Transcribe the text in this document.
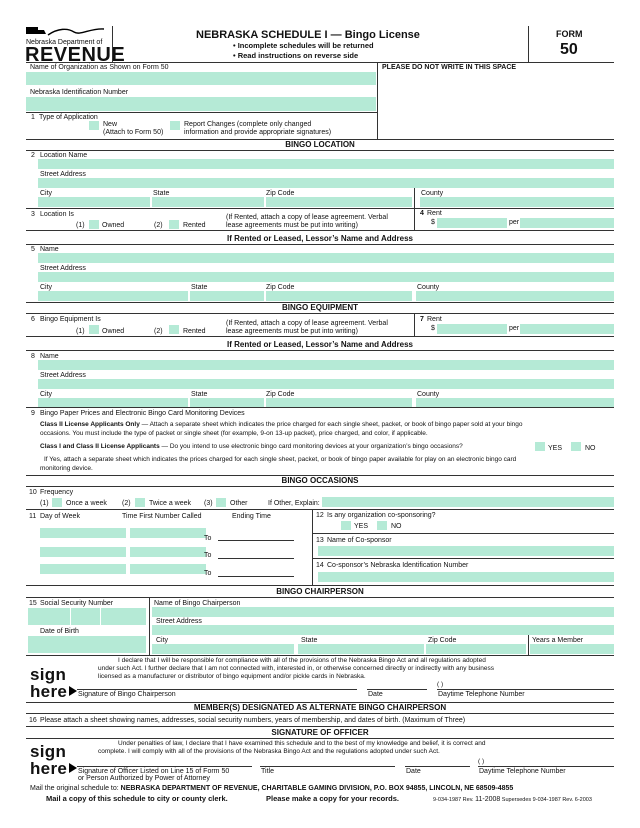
Nebraska Department of
REVENUE
NEBRASKA SCHEDULE I — Bingo License
• Incomplete schedules will be returned
• Read instructions on reverse side
FORM
50
Name of Organization as Shown on Form 50
Nebraska Identification Number
PLEASE DO NOT WRITE IN THIS SPACE
1 Type of Application
New
(Attach to Form 50)
Report Changes (complete only changed
information and provide appropriate signatures)
BINGO LOCATION
2 Location Name
Street Address
City	State	Zip Code	County
3 Location Is
(1) Owned	(2)	Rented
(If Rented, attach a copy of lease agreement. Verbal
lease agreements must be put into writing)
4 Rent
$	per
If Rented or Leased, Lessor’s Name and Address
5 Name
Street Address
City	State	Zip Code	County
BINGO EQUIPMENT
6 Bingo Equipment Is
(1) Owned	(2)	Rented
(If Rented, attach a copy of lease agreement. Verbal
lease agreements must be put into writing)
7 Rent
$	per
If Rented or Leased, Lessor’s Name and Address
8 Name
Street Address
City	State	Zip Code	County
9 Bingo Paper Prices and Electronic Bingo Card Monitoring Devices
Class II License Applicants Only — Attach a separate sheet which indicates the price charged for each single sheet, packet, or book of bingo paper sold at your bingo
occasions. You must include the type of packet or single sheet (for example, 9-on 13-up packet), price charged, and color, if applicable.
Class I and Class II License Applicants — Do you intend to use electronic bingo card monitoring devices at your organization’s bingo occasions?	YES	NO
If Yes, attach a separate sheet which indicates the prices charged for each single sheet, packet, or book of bingo paper available for play on an electronic bingo card
monitoring device.
BINGO OCCASIONS
10 Frequency
(1) Once a week (2)	Twice a week (3) Other	If Other, Explain:
11 Day of Week	Time First Number Called	Ending Time
To
To
To
12 Is any organization co-sponsoring?
YES	NO
13 Name of Co-sponsor
14 Co-sponsor’s Nebraska Identification Number
BINGO CHAIRPERSON
15 Social Security Number	Name of Bingo Chairperson
Street Address
Date of Birth
City	State	Zip Code	Years a Member
I declare that I will be responsible for compliance with all of the provisions of the Nebraska Bingo Act and all regulations adopted
under such Act. I further declare that I am not connected with, interested in, or otherwise concerned directly or indirectly with any business
licensed as a manufacturer or distributor of bingo equipment and/or pickle cards in Nebraska.
sign
here	( )
Signature of Bingo Chairperson	Date	Daytime Telephone Number
MEMBER(S) DESIGNATED AS ALTERNATE BINGO CHAIRPERSON
16 Please attach a sheet showing names, addresses, social security numbers, years of membership, and dates of birth. (Maximum of Three)
SIGNATURE OF OFFICER
Under penalties of law, I declare that I have examined this schedule and to the best of my knowledge and belief, it is correct and
complete. I will comply with all of the provisions of the Nebraska Bingo Act and the regulations adopted under such Act.
sign
here	( )
Signature of Officer Listed on Line 15 of Form 50
or Person Authorized by Power of Attorney
Title	Date	Daytime Telephone Number
Mail the original schedule to: NEBRASKA DEPARTMENT OF REVENUE, CHARITABLE GAMING DIVISION, P.O. BOX 94855, LINCOLN, NE 68509-4855
Mail a copy of this schedule to city or county clerk.	Please make a copy for your records.	9-034-1987 Rev. 11-2008 Supersedes 9-034-1987 Rev. 6-2003
